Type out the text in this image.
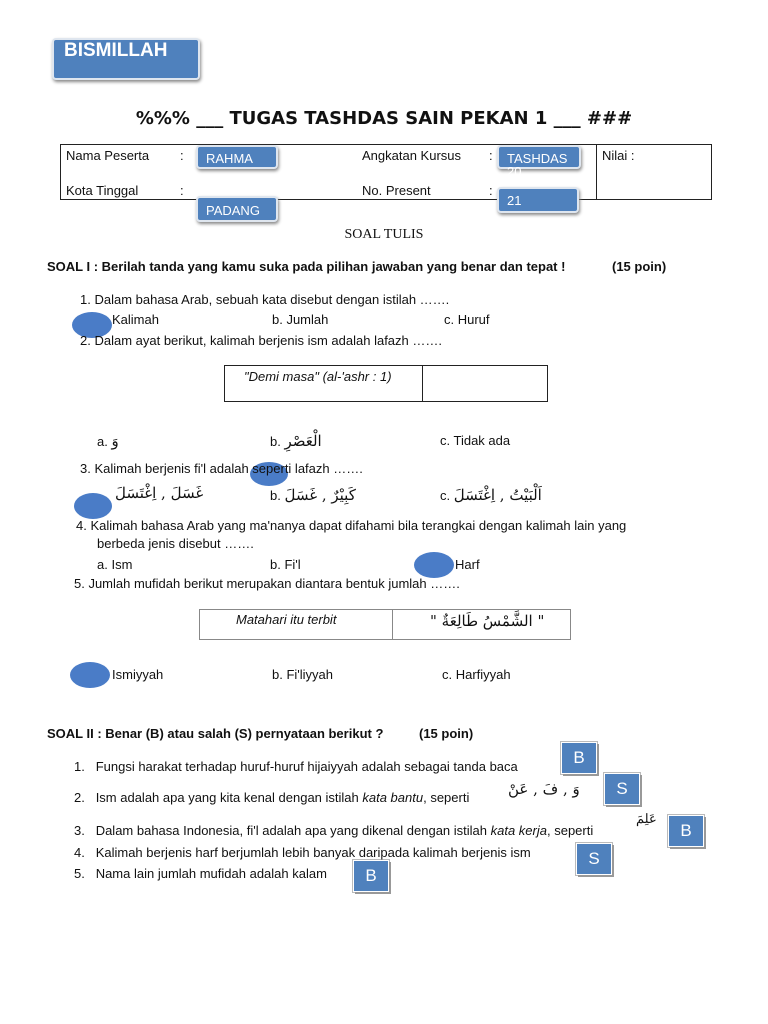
BISMILLAH
%%% ___ TUGAS TASHDAS SAIN PEKAN 1 ___ ###
Nama Peserta :	RAHMA
Kota Tinggal	:
PADANG
Angkatan Kursus :	TASHDAS 20
No. Present	:
21
Nilai :
SOAL TULIS
SOAL I : Berilah tanda yang kamu suka pada pilihan jawaban yang benar dan tepat !	(15 poin)
1. Dalam bahasa Arab, sebuah kata disebut dengan istilah …….
Kalimah	b. Jumlah	c. Huruf
2. Dalam ayat berikut, kalimah berjenis ism adalah lafazh …….
"Demi masa" (al-'ashr : 1)
a. وَ	b. الْعَصْرِ	c. Tidak ada
3. Kalimah berjenis fi'l adalah seperti lafazh …….
غَسَلَ , اِغْتَسَلَ	b. كَبِيْرٌ , غَسَلَ	c. اَلْبَيْتُ , اِغْتَسَلَ
4. Kalimah bahasa Arab yang ma'nanya dapat difahami bila terangkai dengan kalimah lain yang
berbeda jenis disebut …….
a. Ism	b. Fi'l	Harf
5. Jumlah mufidah berikut merupakan diantara bentuk jumlah …….
Matahari itu terbit	" الشَّمْسُ طَالِعَةٌ "
Ismiyyah	b. Fi'liyyah	c. Harfiyyah
SOAL II : Benar (B) atau salah (S) pernyataan berikut ?	(15 poin)
1. Fungsi harakat terhadap huruf-huruf hijaiyyah adalah sebagai tanda baca	B
2. Ism adalah apa yang kita kenal dengan istilah kata bantu, seperti	وَ , فَ , عَنْ	S
3. Dalam bahasa Indonesia, fi'l adalah apa yang dikenal dengan istilah kata kerja, seperti
عَلِمَ
B
4. Kalimah berjenis harf berjumlah lebih banyak daripada kalimah berjenis ism	S
5. Nama lain jumlah mufidah adalah kalam	B
